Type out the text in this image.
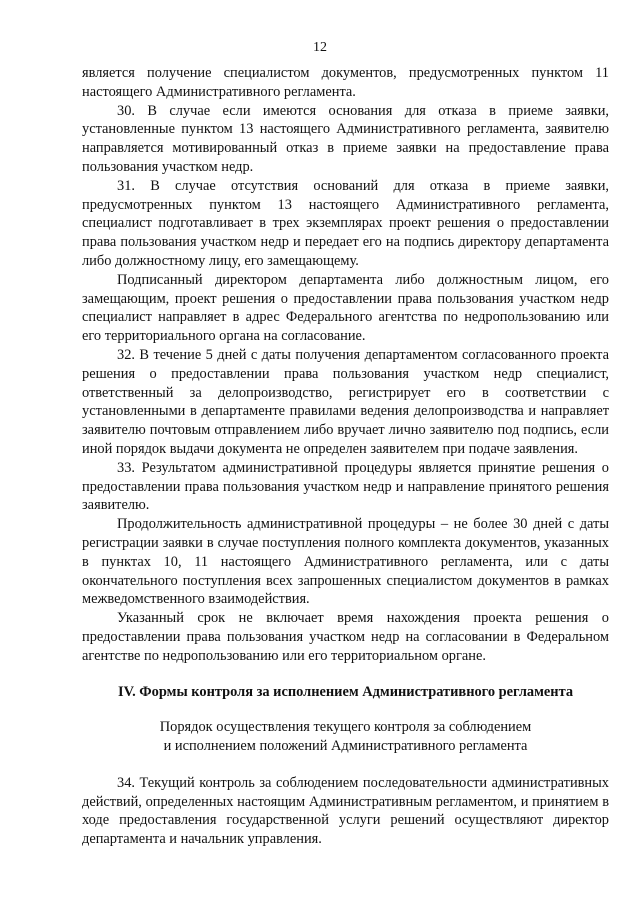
12

является получение специалистом документов, предусмотренных пунктом 11 настоящего Административного регламента.

30. В случае если имеются основания для отказа в приеме заявки, установленные пунктом 13 настоящего Административного регламента, заявителю направляется мотивированный отказ в приеме заявки на предоставление права пользования участком недр.

31. В случае отсутствия оснований для отказа в приеме заявки, предусмотренных пунктом 13 настоящего Административного регламента, специалист подготавливает в трех экземплярах проект решения о предоставлении права пользования участком недр и передает его на подпись директору департамента либо должностному лицу, его замещающему.

Подписанный директором департамента либо должностным лицом, его замещающим, проект решения о предоставлении права пользования участком недр специалист направляет в адрес Федерального агентства по недропользованию или его территориального органа на согласование.

32. В течение 5 дней с даты получения департаментом согласованного проекта решения о предоставлении права пользования участком недр специалист, ответственный за делопроизводство, регистрирует его в соответствии с установленными в департаменте правилами ведения делопроизводства и направляет заявителю почтовым отправлением либо вручает лично заявителю под подпись, если иной порядок выдачи документа не определен заявителем при подаче заявления.

33. Результатом административной процедуры является принятие решения о предоставлении права пользования участком недр и направление принятого решения заявителю.

Продолжительность административной процедуры – не более 30 дней с даты регистрации заявки в случае поступления полного комплекта документов, указанных в пунктах 10, 11 настоящего Административного регламента, или с даты окончательного поступления всех запрошенных специалистом документов в рамках межведомственного взаимодействия.

Указанный срок не включает время нахождения проекта решения о предоставлении права пользования участком недр на согласовании в Федеральном агентстве по недропользованию или его территориальном органе.

IV. Формы контроля за исполнением Административного регламента

Порядок осуществления текущего контроля за соблюдением
и исполнением положений Административного регламента

34. Текущий контроль за соблюдением последовательности административных действий, определенных настоящим Административным регламентом, и принятием в ходе предоставления государственной услуги решений осуществляют директор департамента и начальник управления.
